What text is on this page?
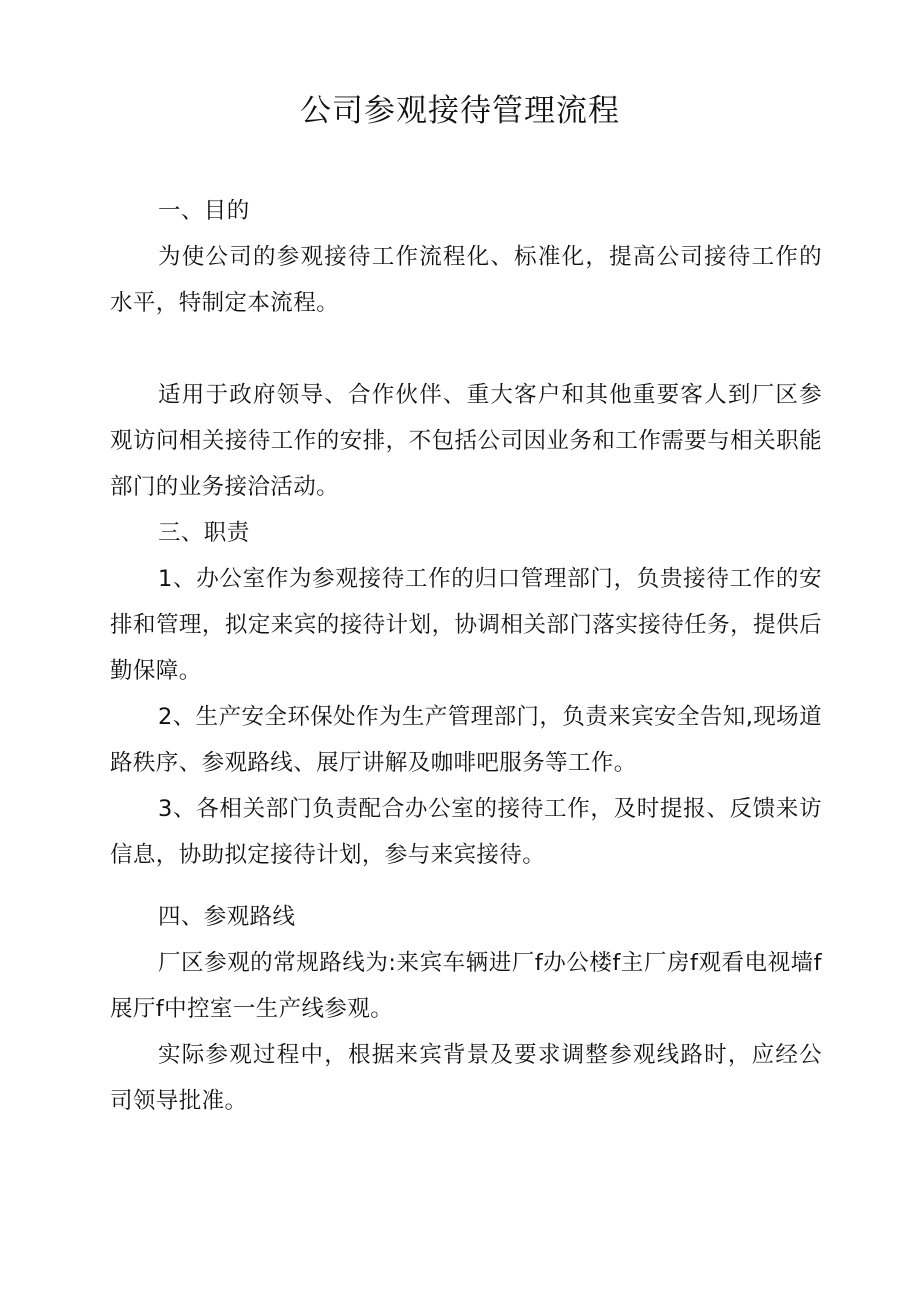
公司参观接待管理流程

一、目的

为使公司的参观接待工作流程化、标准化，提高公司接待工作的水平，特制定本流程。

适用于政府领导、合作伙伴、重大客户和其他重要客人到厂区参观访问相关接待工作的安排，不包括公司因业务和工作需要与相关职能部门的业务接洽活动。

三、职责

1、办公室作为参观接待工作的归口管理部门，负贵接待工作的安排和管理，拟定来宾的接待计划，协调相关部门落实接待任务，提供后勤保障。

2、生产安全环保处作为生产管理部门，负责来宾安全告知,现场道路秩序、参观路线、展厅讲解及咖啡吧服务等工作。

3、各相关部门负责配合办公室的接待工作，及时提报、反馈来访信息，协助拟定接待计划，参与来宾接待。

四、参观路线

厂区参观的常规路线为:来宾车辆进厂f办公楼f主厂房f观看电视墙f展厅f中控室一生产线参观。

实际参观过程中，根据来宾背景及要求调整参观线路时，应经公司领导批准。
